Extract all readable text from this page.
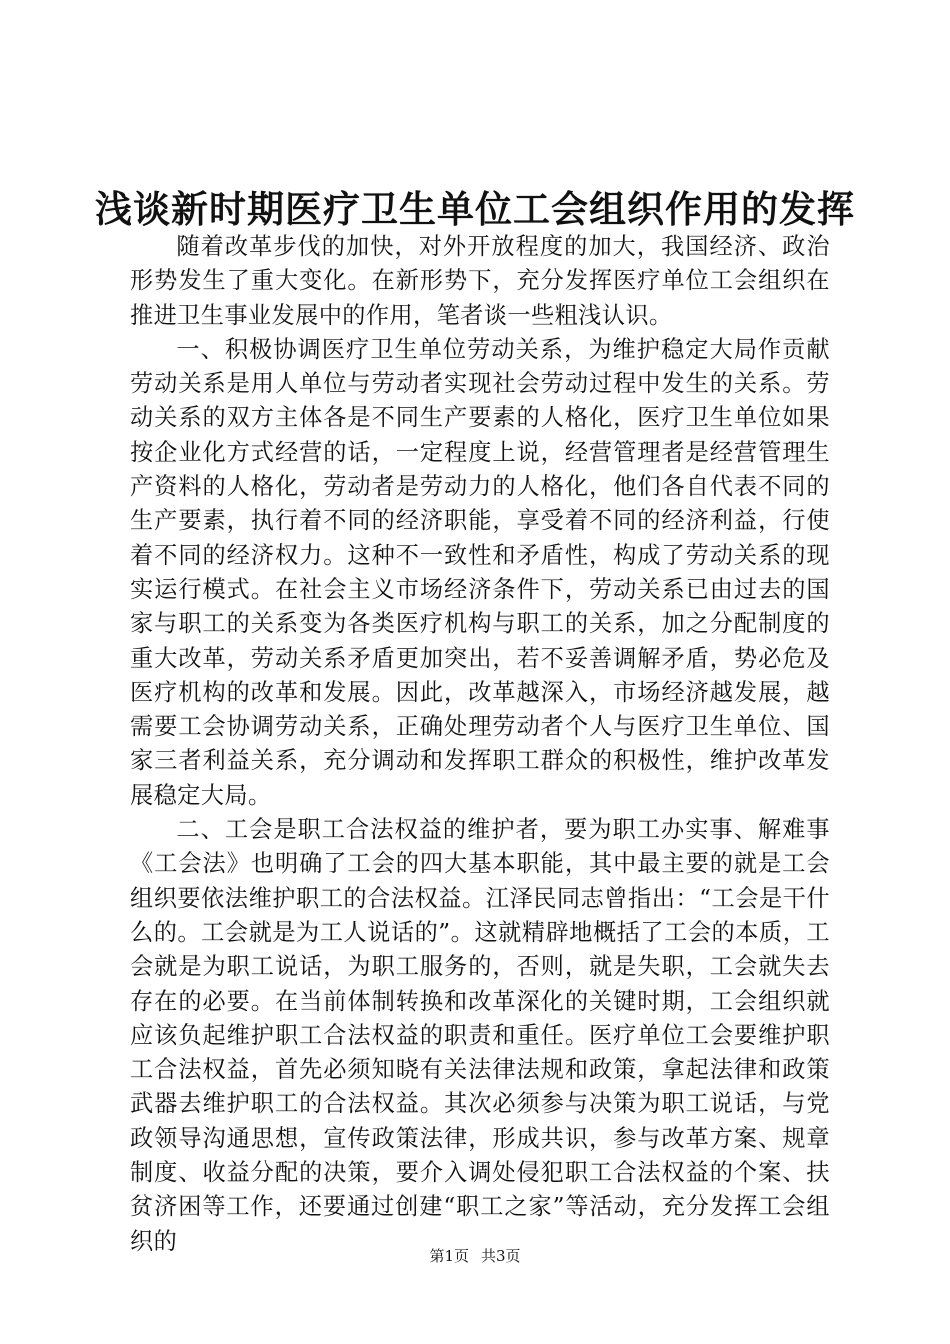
浅谈新时期医疗卫生单位工会组织作用的发挥

随着改革步伐的加快，对外开放程度的加大，我国经济、政治形势发生了重大变化。在新形势下，充分发挥医疗单位工会组织在推进卫生事业发展中的作用，笔者谈一些粗浅认识。

一、积极协调医疗卫生单位劳动关系，为维护稳定大局作贡献劳动关系是用人单位与劳动者实现社会劳动过程中发生的关系。劳动关系的双方主体各是不同生产要素的人格化，医疗卫生单位如果按企业化方式经营的话，一定程度上说，经营管理者是经营管理生产资料的人格化，劳动者是劳动力的人格化，他们各自代表不同的生产要素，执行着不同的经济职能，享受着不同的经济利益，行使着不同的经济权力。这种不一致性和矛盾性，构成了劳动关系的现实运行模式。在社会主义市场经济条件下，劳动关系已由过去的国家与职工的关系变为各类医疗机构与职工的关系，加之分配制度的重大改革，劳动关系矛盾更加突出，若不妥善调解矛盾，势必危及医疗机构的改革和发展。因此，改革越深入，市场经济越发展，越需要工会协调劳动关系，正确处理劳动者个人与医疗卫生单位、国家三者利益关系，充分调动和发挥职工群众的积极性，维护改革发展稳定大局。

二、工会是职工合法权益的维护者，要为职工办实事、解难事《工会法》也明确了工会的四大基本职能，其中最主要的就是工会组织要依法维护职工的合法权益。江泽民同志曾指出：“工会是干什么的。工会就是为工人说话的”。这就精辟地概括了工会的本质，工会就是为职工说话，为职工服务的，否则，就是失职，工会就失去存在的必要。在当前体制转换和改革深化的关键时期，工会组织就应该负起维护职工合法权益的职责和重任。医疗单位工会要维护职工合法权益，首先必须知晓有关法律法规和政策，拿起法律和政策武器去维护职工的合法权益。其次必须参与决策为职工说话，与党政领导沟通思想，宣传政策法律，形成共识，参与改革方案、规章制度、收益分配的决策，要介入调处侵犯职工合法权益的个案、扶贫济困等工作，还要通过创建“职工之家”等活动，充分发挥工会组织的

第1页 共3页
